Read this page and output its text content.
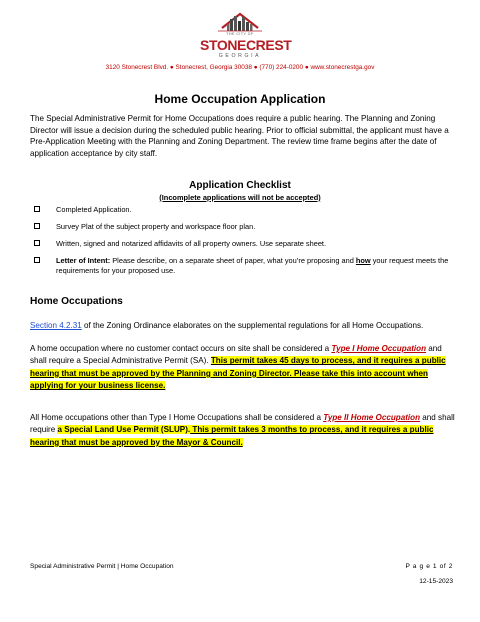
THE CITY OF
STONECREST
GEORGIA
3120 Stonecrest Blvd. ● Stonecrest, Georgia 30038 ● (770) 224-0200 ● www.stonecrestga.gov
Home Occupation Application
The Special Administrative Permit for Home Occupations does require a public hearing. The Planning and Zoning Director will issue a decision during the scheduled public hearing. Prior to official submittal, the applicant must have a Pre-Application Meeting with the Planning and Zoning Department. The review time frame begins after the date of application acceptance by city staff.
Application Checklist
(Incomplete applications will not be accepted)
Completed Application.
Survey Plat of the subject property and workspace floor plan.
Written, signed and notarized affidavits of all property owners. Use separate sheet.
Letter of Intent: Please describe, on a separate sheet of paper, what you’re proposing and how your request meets the requirements for your proposed use.
Home Occupations
Section 4.2.31 of the Zoning Ordinance elaborates on the supplemental regulations for all Home Occupations.
A home occupation where no customer contact occurs on site shall be considered a Type I Home Occupation and shall require a Special Administrative Permit (SA). This permit takes 45 days to process, and it requires a public hearing that must be approved by the Planning and Zoning Director. Please take this into account when applying for your business license.
All Home occupations other than Type I Home Occupations shall be considered a Type II Home Occupation and shall require a Special Land Use Permit (SLUP). This permit takes 3 months to process, and it requires a public hearing that must be approved by the Mayor & Council.
Special Administrative Permit | Home Occupation	P a g e 1 of 2
12-15-2023
